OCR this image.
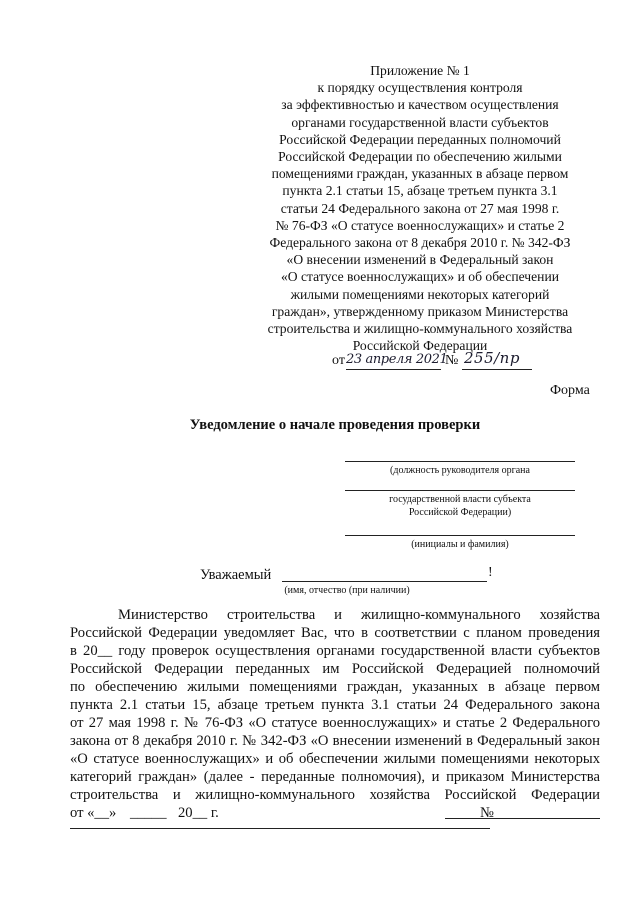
Приложение № 1
к порядку осуществления контроля
за эффективностью и качеством осуществления
органами государственной власти субъектов
Российской Федерации переданных полномочий
Российской Федерации по обеспечению жилыми
помещениями граждан, указанных в абзаце первом
пункта 2.1 статьи 15, абзаце третьем пункта 3.1
статьи 24 Федерального закона от 27 мая 1998 г.
№ 76-ФЗ «О статусе военнослужащих» и статье 2
Федерального закона от 8 декабря 2010 г. № 342-ФЗ
«О внесении изменений в Федеральный закон
«О статусе военнослужащих» и об обеспечении
жилыми помещениями некоторых категорий
граждан», утвержденному приказом Министерства
строительства и жилищно-коммунального хозяйства
Российской Федерации
от 23 апреля 2021
№ 255/пр
Форма
Уведомление о начале проведения проверки
(должность руководителя органа
государственной власти субъекта
Российской Федерации)
(инициалы и фамилия)
Уважаемый	!
(имя, отчество (при наличии)
Министерство строительства и жилищно-коммунального хозяйства
Российской Федерации уведомляет Вас, что в соответствии с планом проведения
в 20__ году проверок осуществления органами государственной власти субъектов
Российской Федерации переданных им Российской Федерацией полномочий
по обеспечению жилыми помещениями граждан, указанных в абзаце первом
пункта 2.1 статьи 15, абзаце третьем пункта 3.1 статьи 24 Федерального закона
от 27 мая 1998 г. № 76-ФЗ «О статусе военнослужащих» и статье 2 Федерального
закона от 8 декабря 2010 г. № 342-ФЗ «О внесении изменений в Федеральный закон
«О статусе военнослужащих» и об обеспечении жилыми помещениями некоторых
категорий граждан» (далее - переданные полномочия), и приказом Министерства
строительства и жилищно-коммунального хозяйства Российской Федерации
от «__» _____ 20__ г.	№
